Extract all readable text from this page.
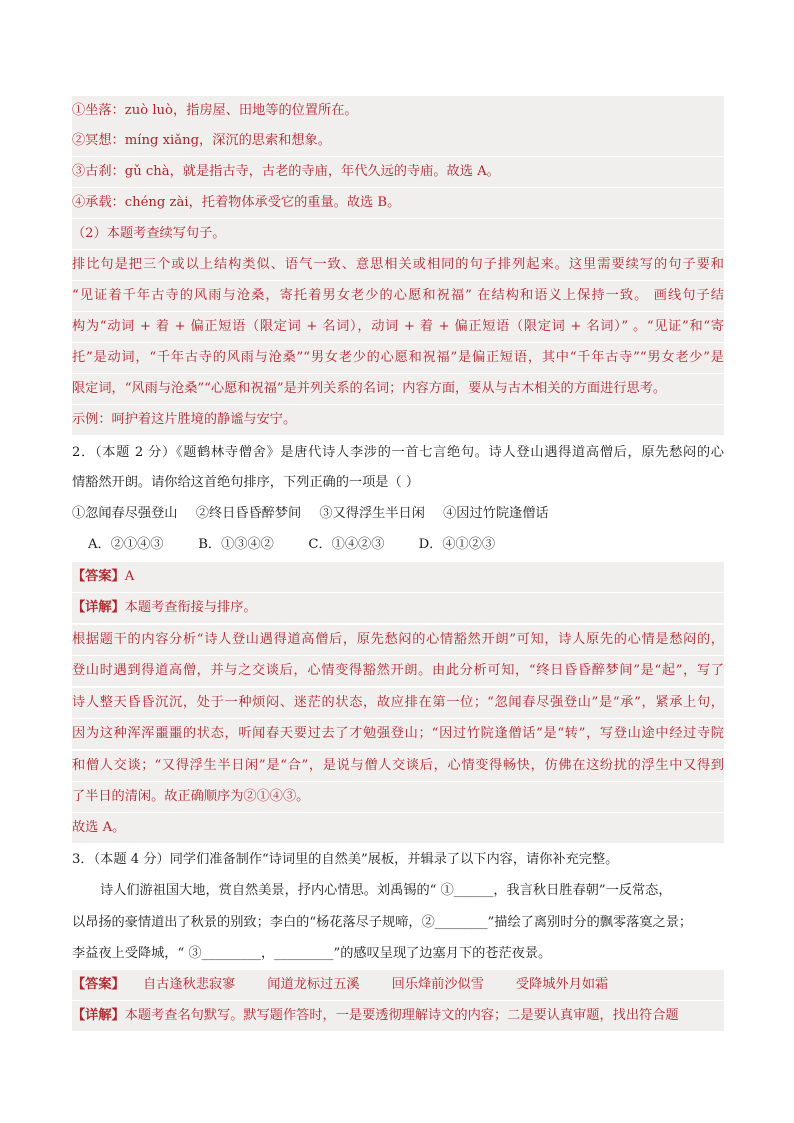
①坐落：zuò luò，指房屋、田地等的位置所在。
②冥想：míng xiǎng，深沉的思索和想象。
③古刹：gǔ chà，就是指古寺，古老的寺庙，年代久远的寺庙。故选 A。
④承载：chéng zài，托着物体承受它的重量。故选 B。
（2）本题考查续写句子。
排比句是把三个或以上结构类似、语气一致、意思相关或相同的句子排列起来。这里需要续写的句子要和
“见证着千年古寺的风雨与沧桑，寄托着男女老少的心愿和祝福” 在结构和语义上保持一致。 画线句子结
构为“动词 + 着 + 偏正短语（限定词 + 名词），动词 + 着 + 偏正短语（限定词 + 名词）” 。“见证”和“寄
托”是动词，“千年古寺的风雨与沧桑”“男女老少的心愿和祝福”是偏正短语，其中“千年古寺”“男女老少”是
限定词，“风雨与沧桑”“心愿和祝福”是并列关系的名词；内容方面，要从与古木相关的方面进行思考。
示例：呵护着这片胜境的静谧与安宁。
2．（本题 2 分）《题鹤林寺僧舍》是唐代诗人李涉的一首七言绝句。诗人登山遇得道高僧后，原先愁闷的心
情豁然开朗。请你给这首绝句排序，下列正确的一项是（ ）
①忽闻春尽强登山 ②终日昏昏醉梦间 ③又得浮生半日闲 ④因过竹院逢僧话
A．②①④③	B．①③④②	C．①④②③	D．④①②③
【答案】A
【详解】本题考查衔接与排序。
根据题干的内容分析“诗人登山遇得道高僧后，原先愁闷的心情豁然开朗”可知，诗人原先的心情是愁闷的，
登山时遇到得道高僧，并与之交谈后，心情变得豁然开朗。由此分析可知，“终日昏昏醉梦间”是“起”，写了
诗人整天昏昏沉沉，处于一种烦闷、迷茫的状态，故应排在第一位；“忽闻春尽强登山”是“承”，紧承上句，
因为这种浑浑噩噩的状态，听闻春天要过去了才勉强登山；“因过竹院逢僧话”是“转”，写登山途中经过寺院
和僧人交谈；“又得浮生半日闲”是“合”，是说与僧人交谈后，心情变得畅快，仿佛在这纷扰的浮生中又得到
了半日的清闲。故正确顺序为②①④③。
故选 A。
3．（本题 4 分）同学们准备制作“诗词里的自然美”展板，并辑录了以下内容，请你补充完整。
诗人们游祖国大地，赏自然美景，抒内心情思。刘禹锡的“ ①______，我言秋日胜春朝”一反常态，
以昂扬的豪情道出了秋景的别致；李白的“杨花落尽子规啼，②________”描绘了离别时分的飘零落寞之景；
李益夜上受降城，“ ③_________，_________”的感叹呈现了边塞月下的苍茫夜景。
【答案】 自古逢秋悲寂寥 闻道龙标过五溪 回乐烽前沙似雪 受降城外月如霜
【详解】本题考查名句默写。默写题作答时，一是要透彻理解诗文的内容；二是要认真审题，找出符合题
